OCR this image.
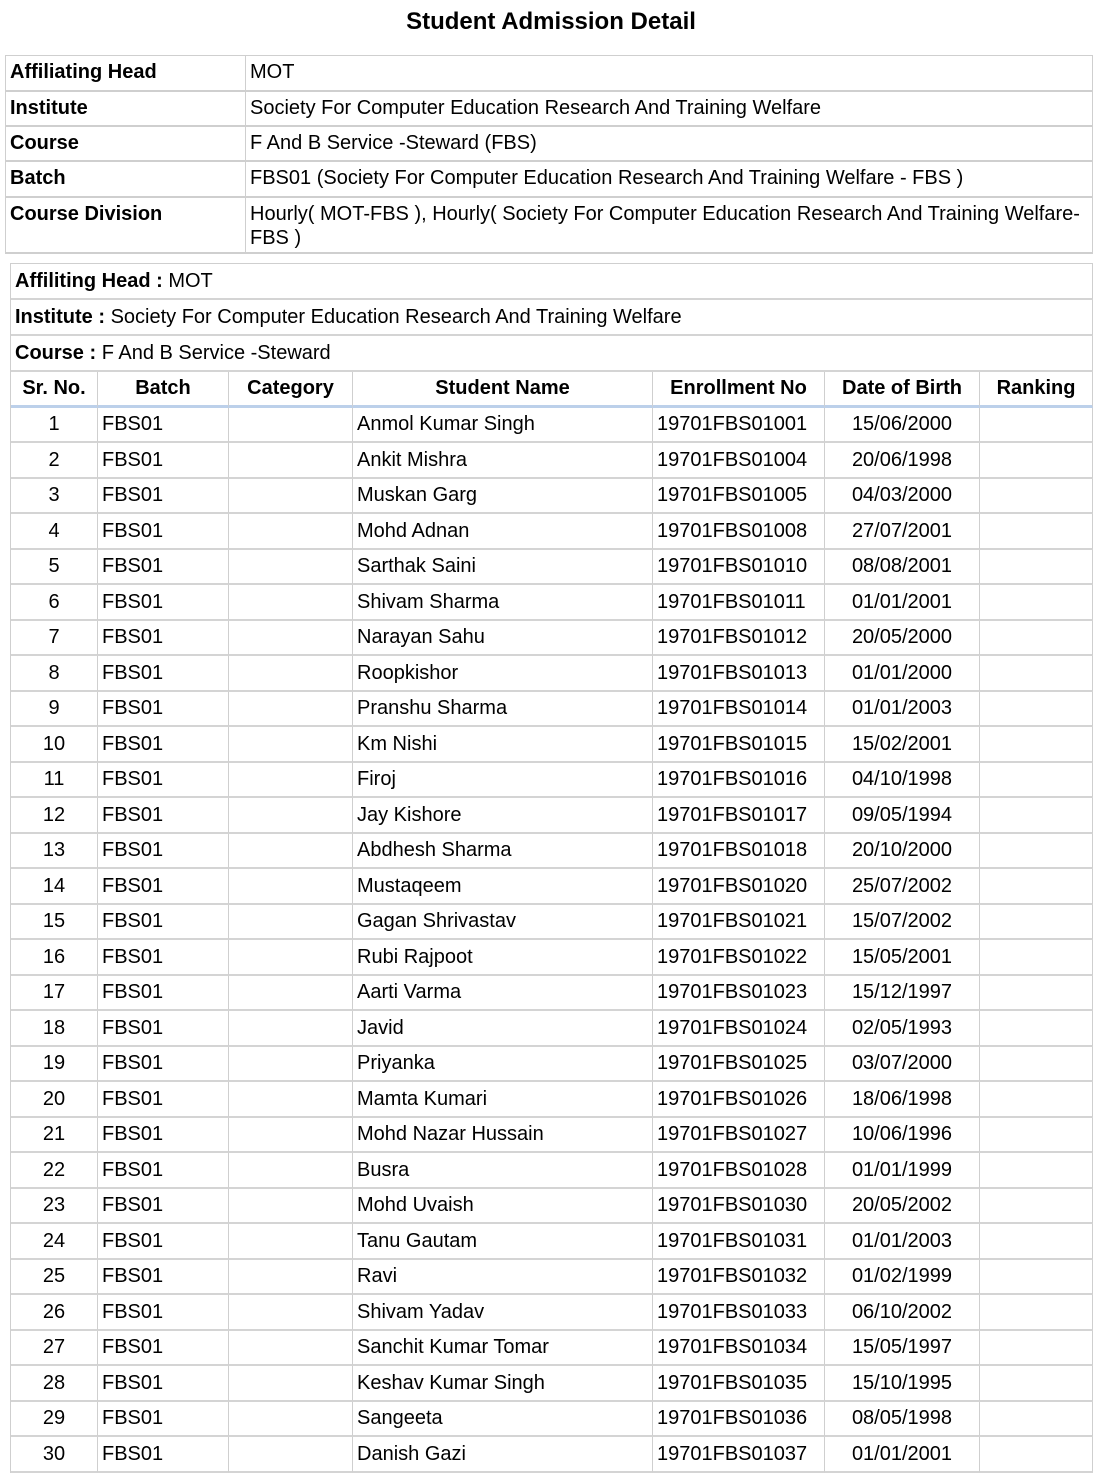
Student Admission Detail
Affiliating Head	MOT
Institute	Society For Computer Education Research And Training Welfare
Course	F And B Service -Steward (FBS)
Batch	FBS01 (Society For Computer Education Research And Training Welfare - FBS )
Course Division	Hourly( MOT-FBS ), Hourly( Society For Computer Education Research And Training Welfare-FBS )
Affiliting Head : MOT						
Institute : Society For Computer Education Research And Training Welfare						
Course : F And B Service -Steward						
Sr. No.	Batch	Category	Student Name	Enrollment No	Date of Birth	Ranking
1	FBS01		Anmol Kumar Singh	19701FBS01001	15/06/2000	
2	FBS01		Ankit Mishra	19701FBS01004	20/06/1998	
3	FBS01		Muskan Garg	19701FBS01005	04/03/2000	
4	FBS01		Mohd Adnan	19701FBS01008	27/07/2001	
5	FBS01		Sarthak Saini	19701FBS01010	08/08/2001	
6	FBS01		Shivam Sharma	19701FBS01011	01/01/2001	
7	FBS01		Narayan Sahu	19701FBS01012	20/05/2000	
8	FBS01		Roopkishor	19701FBS01013	01/01/2000	
9	FBS01		Pranshu Sharma	19701FBS01014	01/01/2003	
10	FBS01		Km Nishi	19701FBS01015	15/02/2001	
11	FBS01		Firoj	19701FBS01016	04/10/1998	
12	FBS01		Jay Kishore	19701FBS01017	09/05/1994	
13	FBS01		Abdhesh Sharma	19701FBS01018	20/10/2000	
14	FBS01		Mustaqeem	19701FBS01020	25/07/2002	
15	FBS01		Gagan Shrivastav	19701FBS01021	15/07/2002	
16	FBS01		Rubi Rajpoot	19701FBS01022	15/05/2001	
17	FBS01		Aarti Varma	19701FBS01023	15/12/1997	
18	FBS01		Javid	19701FBS01024	02/05/1993	
19	FBS01		Priyanka	19701FBS01025	03/07/2000	
20	FBS01		Mamta Kumari	19701FBS01026	18/06/1998	
21	FBS01		Mohd Nazar Hussain	19701FBS01027	10/06/1996	
22	FBS01		Busra	19701FBS01028	01/01/1999	
23	FBS01		Mohd Uvaish	19701FBS01030	20/05/2002	
24	FBS01		Tanu Gautam	19701FBS01031	01/01/2003	
25	FBS01		Ravi	19701FBS01032	01/02/1999	
26	FBS01		Shivam Yadav	19701FBS01033	06/10/2002	
27	FBS01		Sanchit Kumar Tomar	19701FBS01034	15/05/1997	
28	FBS01		Keshav Kumar Singh	19701FBS01035	15/10/1995	
29	FBS01		Sangeeta	19701FBS01036	08/05/1998	
30	FBS01		Danish Gazi	19701FBS01037	01/01/2001	
